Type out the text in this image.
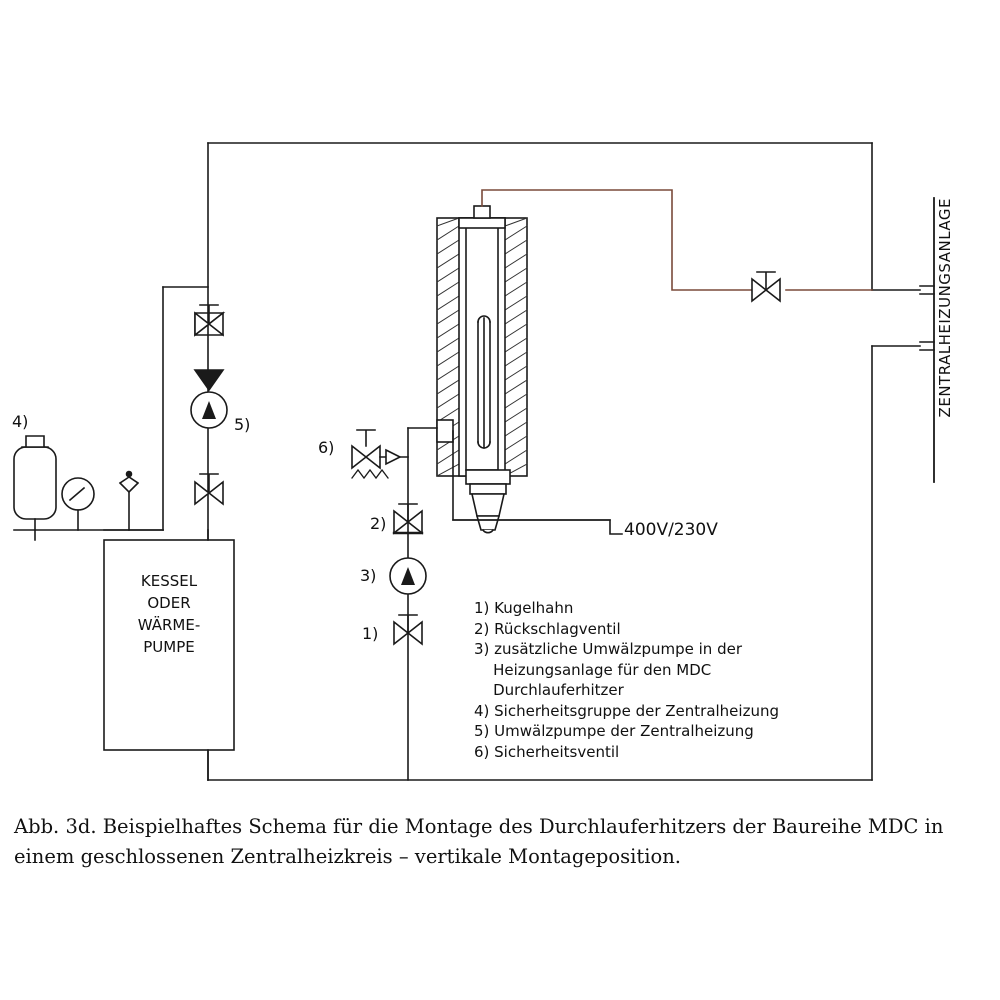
4)	5)
6)
2)
3)
1)
400V/230V
KESSEL
ODER
WÄRME-
PUMPE
ZENTRALHEIZUNGSANLAGE
1) Kugelhahn
2) Rückschlagventil
3) zusätzliche Umwälzpumpe in der
Heizungsanlage für den MDC
Durchlauferhitzer
4) Sicherheitsgruppe der Zentralheizung
5) Umwälzpumpe der Zentralheizung
6) Sicherheitsventil
Abb. 3d. Beispielhaftes Schema für die Montage des Durchlauferhitzers der Baureihe MDC in
einem geschlossenen Zentralheizkreis – vertikale Montageposition.
